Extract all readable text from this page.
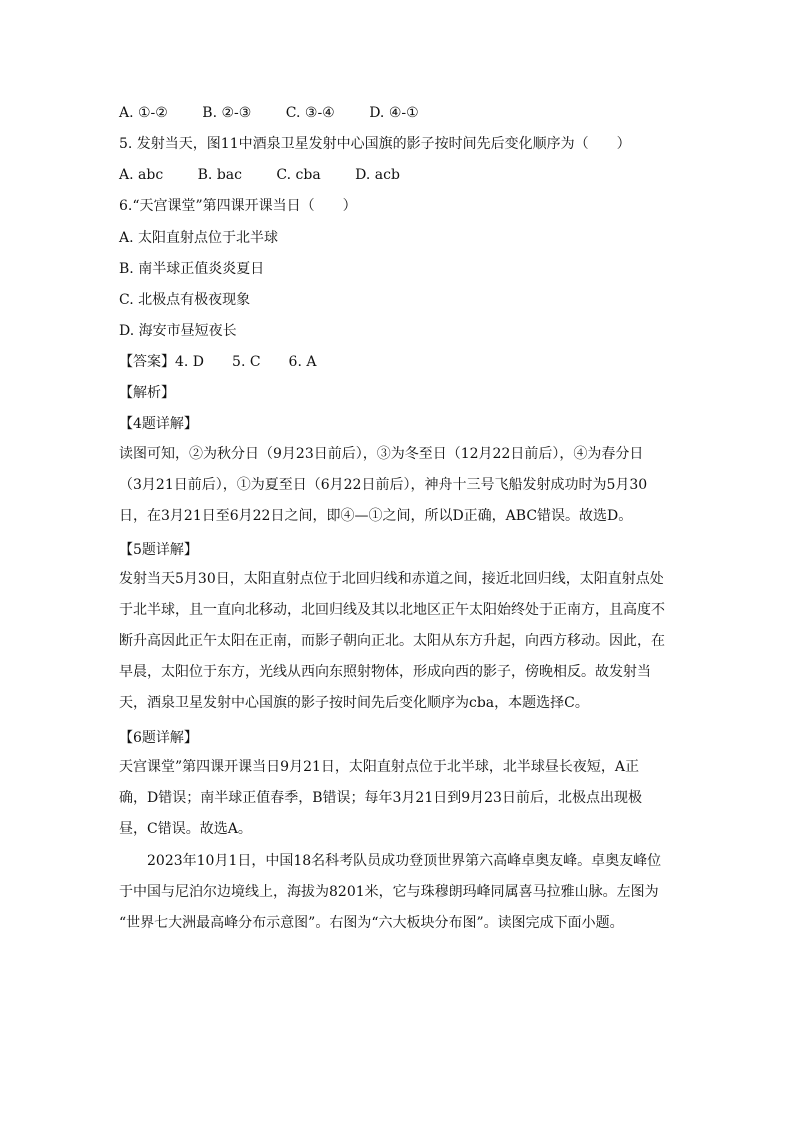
A. ①-② B. ②-③ C. ③-④ D. ④-①
5. 发射当天，图11中酒泉卫星发射中心国旗的影子按时间先后变化顺序为（　　）
A. abc B. bac C. cba D. acb
6.“天宫课堂”第四课开课当日（　　）
A. 太阳直射点位于北半球
B. 南半球正值炎炎夏日
C. 北极点有极夜现象
D. 海安市昼短夜长
【答案】4. D　　5. C　　6. A
【解析】
【4题详解】
读图可知，②为秋分日（9月23日前后），③为冬至日（12月22日前后），④为春分日
（3月21日前后），①为夏至日（6月22日前后），神舟十三号飞船发射成功时为5月30
日，在3月21日至6月22日之间，即④—①之间，所以D正确，ABC错误。故选D。
【5题详解】
发射当天5月30日，太阳直射点位于北回归线和赤道之间，接近北回归线，太阳直射点处
于北半球，且一直向北移动，北回归线及其以北地区正午太阳始终处于正南方，且高度不
断升高因此正午太阳在正南，而影子朝向正北。太阳从东方升起，向西方移动。因此，在
早晨，太阳位于东方，光线从西向东照射物体，形成向西的影子，傍晚相反。故发射当
天，酒泉卫星发射中心国旗的影子按时间先后变化顺序为cba，本题选择C。
【6题详解】
天宫课堂”第四课开课当日9月21日，太阳直射点位于北半球，北半球昼长夜短，A正
确，D错误；南半球正值春季，B错误；每年3月21日到9月23日前后，北极点出现极
昼，C错误。故选A。
2023年10月1日，中国18名科考队员成功登顶世界第六高峰卓奥友峰。卓奥友峰位
于中国与尼泊尔边境线上，海拔为8201米，它与珠穆朗玛峰同属喜马拉雅山脉。左图为
“世界七大洲最高峰分布示意图”。右图为“六大板块分布图”。读图完成下面小题。
